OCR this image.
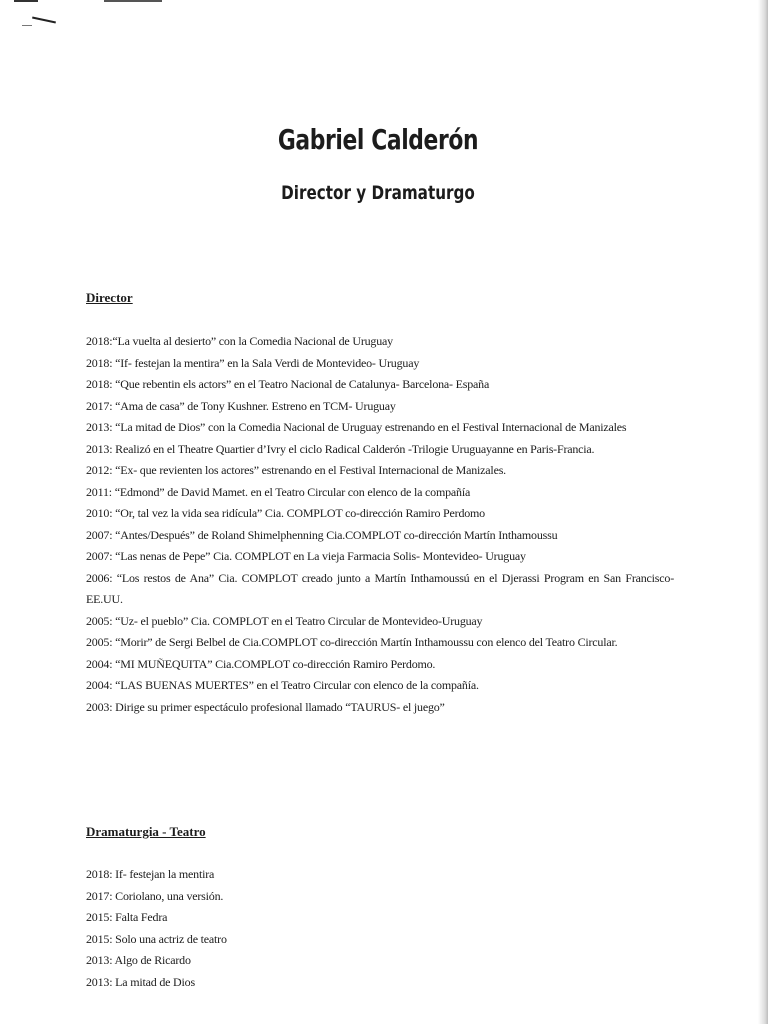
Gabriel Calderón
Director y Dramaturgo
Director

2018:“La vuelta al desierto” con la Comedia Nacional de Uruguay

2018: “If- festejan la mentira” en la Sala Verdi de Montevideo- Uruguay

2018: “Que rebentin els actors” en el Teatro Nacional de Catalunya- Barcelona- España

2017: “Ama de casa” de Tony Kushner. Estreno en TCM- Uruguay

2013: “La mitad de Dios” con la Comedia Nacional de Uruguay estrenando en el Festival Internacional de Manizales

2013: Realizó en el Theatre Quartier d’Ivry el ciclo Radical Calderón -Trilogie Uruguayanne en Paris-Francia.

2012: “Ex- que revienten los actores” estrenando en el Festival Internacional de Manizales.

2011: “Edmond” de David Mamet. en el Teatro Circular con elenco de la compañía

2010: “Or, tal vez la vida sea ridícula” Cia. COMPLOT co-dirección Ramiro Perdomo

2007: “Antes/Después” de Roland Shimelphenning Cia.COMPLOT co-dirección Martín Inthamoussu

2007: “Las nenas de Pepe” Cia. COMPLOT en La vieja Farmacia Solis- Montevideo- Uruguay

2006: “Los restos de Ana” Cia. COMPLOT creado junto a Martín Inthamoussú en el Djerassi Program en San Francisco- EE.UU.

2005: “Uz- el pueblo” Cia. COMPLOT en el Teatro Circular de Montevideo-Uruguay

2005: “Morir” de Sergi Belbel de Cia.COMPLOT co-dirección Martín Inthamoussu con elenco del Teatro Circular.

2004: “MI MUÑEQUITA” Cia.COMPLOT co-dirección Ramiro Perdomo.

2004: “LAS BUENAS MUERTES” en el Teatro Circular con elenco de la compañía.

2003: Dirige su primer espectáculo profesional llamado “TAURUS- el juego”

Dramaturgia - Teatro

2018: If- festejan la mentira

2017: Coriolano, una versión.

2015: Falta Fedra

2015: Solo una actriz de teatro

2013: Algo de Ricardo

2013: La mitad de Dios
